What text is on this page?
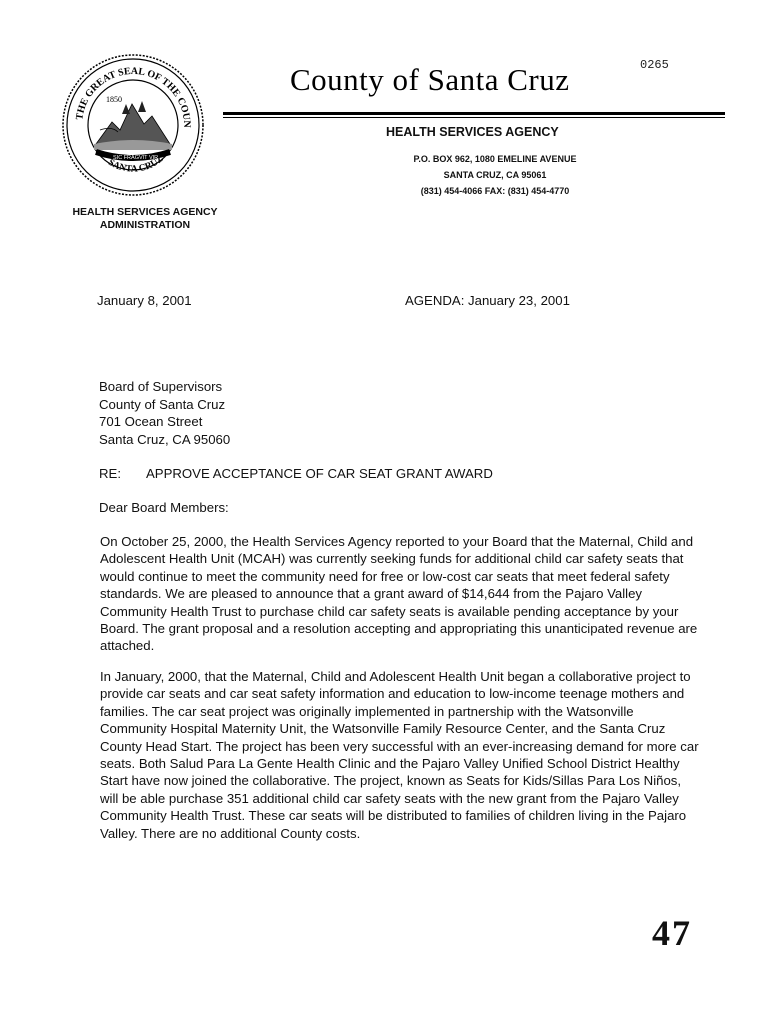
THE GREAT SEAL OF THE COUN
SANTA CRUZ
1850
SIC FRAGVIT VIR
County of Santa Cruz	0265
HEALTH SERVICES AGENCY
P.O. BOX 962, 1080 EMELINE AVENUE
SANTA CRUZ, CA 95061
(831) 454-4066 FAX: (831) 454-4770
HEALTH SERVICES AGENCY
ADMINISTRATION
January 8, 2001	AGENDA: January 23, 2001
Board of Supervisors
County of Santa Cruz
701 Ocean Street
Santa Cruz, CA 95060
RE: APPROVE ACCEPTANCE OF CAR SEAT GRANT AWARD
Dear Board Members:
On October 25, 2000, the Health Services Agency reported to your Board that the Maternal, Child and Adolescent Health Unit (MCAH) was currently seeking funds for additional child car safety seats that would continue to meet the community need for free or low-cost car seats that meet federal safety standards. We are pleased to announce that a grant award of $14,644 from the Pajaro Valley Community Health Trust to purchase child car safety seats is available pending acceptance by your Board. The grant proposal and a resolution accepting and appropriating this unanticipated revenue are attached.
In January, 2000, that the Maternal, Child and Adolescent Health Unit began a collaborative project to provide car seats and car seat safety information and education to low-income teenage mothers and families. The car seat project was originally implemented in partnership with the Watsonville Community Hospital Maternity Unit, the Watsonville Family Resource Center, and the Santa Cruz County Head Start. The project has been very successful with an ever-increasing demand for more car seats. Both Salud Para La Gente Health Clinic and the Pajaro Valley Unified School District Healthy Start have now joined the collaborative. The project, known as Seats for Kids/Sillas Para Los Niños, will be able purchase 351 additional child car safety seats with the new grant from the Pajaro Valley Community Health Trust. These car seats will be distributed to families of children living in the Pajaro Valley. There are no additional County costs.
47
